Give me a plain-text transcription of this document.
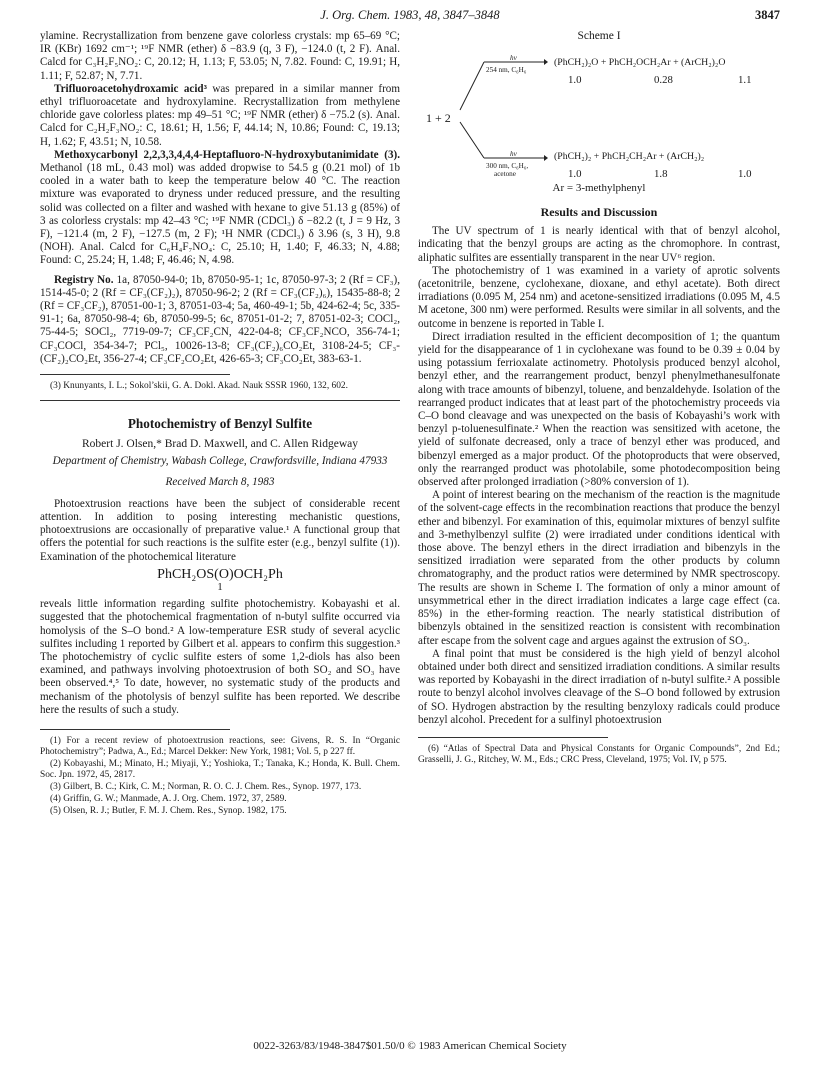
J. Org. Chem. 1983, 48, 3847–3848	3847

ylamine. Recrystallization from benzene gave colorless crystals: mp 65–69 °C; IR (KBr) 1692 cm⁻¹; ¹⁹F NMR (ether) δ −83.9 (q, 3 F), −124.0 (t, 2 F). Anal. Calcd for C₃H₂F₅NO₂: C, 20.12; H, 1.13; F, 53.05; N, 7.82. Found: C, 19.91; H, 1.11; F, 52.87; N, 7.71.

Trifluoroacetohydroxamic acid³ was prepared in a similar manner from ethyl trifluoroacetate and hydroxylamine. Recrystallization from methylene chloride gave colorless plates: mp 49–51 °C; ¹⁹F NMR (ether) δ −75.2 (s). Anal. Calcd for C₂H₂F₃NO₂: C, 18.61; H, 1.56; F, 44.14; N, 10.86; Found: C, 19.13; H, 1.62; F, 43.51; N, 10.58.

Methoxycarbonyl 2,2,3,3,4,4,4-Heptafluoro-N-hydroxybutanimidate (3). Methanol (18 mL, 0.43 mol) was added dropwise to 54.5 g (0.21 mol) of 1b cooled in a water bath to keep the temperature below 40 °C. The reaction mixture was evaporated to dryness under reduced pressure, and the resulting solid was collected on a filter and washed with hexane to give 51.13 g (85%) of 3 as colorless crystals: mp 42–43 °C; ¹⁹F NMR (CDCl₃) δ −82.2 (t, J = 9 Hz, 3 F), −121.4 (m, 2 F), −127.5 (m, 2 F); ¹H NMR (CDCl₃) δ 3.96 (s, 3 H), 9.8 (NOH). Anal. Calcd for C₆H₄F₇NO₄: C, 25.10; H, 1.40; F, 46.33; N, 4.88; Found: C, 25.24; H, 1.48; F, 46.46; N, 4.98.

Registry No. 1a, 87050-94-0; 1b, 87050-95-1; 1c, 87050-97-3; 2 (Rf = CF₃), 1514-45-0; 2 (Rf = CF₃(CF₂)₂), 87050-96-2; 2 (Rf = CF₃(CF₂)₆), 15435-88-8; 2 (Rf = CF₃CF₂), 87051-00-1; 3, 87051-03-4; 5a, 460-49-1; 5b, 424-62-4; 5c, 335-91-1; 6a, 87050-98-4; 6b, 87050-99-5; 6c, 87051-01-2; 7, 87051-02-3; COCl₂, 75-44-5; SOCl₂, 7719-09-7; CF₃CF₂CN, 422-04-8; CF₃CF₂NCO, 356-74-1; CF₃COCl, 354-34-7; PCl₅, 10026-13-8; CF₃(CF₂)₆CO₂Et, 3108-24-5; CF₃-(CF₂)₂CO₂Et, 356-27-4; CF₃CF₂CO₂Et, 426-65-3; CF₃CO₂Et, 383-63-1.

(3) Knunyants, I. L.; Sokol’skii, G. A. Dokl. Akad. Nauk SSSR 1960, 132, 602.

Photochemistry of Benzyl Sulfite
Robert J. Olsen,* Brad D. Maxwell, and C. Allen Ridgeway
Department of Chemistry, Wabash College, Crawfordsville, Indiana 47933
Received March 8, 1983

Photoextrusion reactions have been the subject of considerable recent attention. In addition to posing interesting mechanistic questions, photoextrusions are occasionally of preparative value.¹ A functional group that offers the potential for such reactions is the sulfite ester (e.g., benzyl sulfite (1)). Examination of the photochemical literature

PhCH₂OS(O)OCH₂Ph
1

reveals little information regarding sulfite photochemistry. Kobayashi et al. suggested that the photochemical fragmentation of n-butyl sulfite occurred via homolysis of the S–O bond.² A low-temperature ESR study of several acyclic sulfites including 1 reported by Gilbert et al. appears to confirm this suggestion.³ The photochemistry of cyclic sulfite esters of some 1,2-diols has also been examined, and pathways involving photoextrusion of both SO₂ and SO₃ have been observed.⁴,⁵ To date, however, no systematic study of the products and mechanism of the photolysis of benzyl sulfite has been reported. We describe here the results of such a study.

(1) For a recent review of photoextrusion reactions, see: Givens, R. S. In “Organic Photochemistry”; Padwa, A., Ed.; Marcel Dekker: New York, 1981; Vol. 5, p 227 ff.

(2) Kobayashi, M.; Minato, H.; Miyaji, Y.; Yoshioka, T.; Tanaka, K.; Honda, K. Bull. Chem. Soc. Jpn. 1972, 45, 2817.

(3) Gilbert, B. C.; Kirk, C. M.; Norman, R. O. C. J. Chem. Res., Synop. 1977, 173.

(4) Griffin, G. W.; Manmade, A. J. Org. Chem. 1972, 37, 2589.

(5) Olsen, R. J.; Butler, F. M. J. Chem. Res., Synop. 1982, 175.

Scheme I
1 + 2
hν
254 nm, C₆H₆
(PhCH₂)₂O + PhCH₂OCH₂Ar + (ArCH₂)₂O
1.0	0.28	1.1
hν
300 nm, C₆H₆,
acetone
(PhCH₂)₂ + PhCH₂CH₂Ar + (ArCH₂)₂
1.0	1.8	1.0
Ar = 3-methylphenyl
Results and Discussion

The UV spectrum of 1 is nearly identical with that of benzyl alcohol, indicating that the benzyl groups are acting as the chromophore. In contrast, aliphatic sulfites are essentially transparent in the near UV⁶ region.

The photochemistry of 1 was examined in a variety of aprotic solvents (acetonitrile, benzene, cyclohexane, dioxane, and ethyl acetate). Both direct irradiations (0.095 M, 254 nm) and acetone-sensitized irradiations (0.095 M, 4.5 M acetone, 300 nm) were performed. Results were similar in all solvents, and the outcome in benzene is reported in Table I.

Direct irradiation resulted in the efficient decomposition of 1; the quantum yield for the disappearance of 1 in cyclohexane was found to be 0.39 ± 0.04 by using potassium ferrioxalate actinometry. Photolysis produced benzyl alcohol, benzyl ether, and the rearrangement product, benzyl phenylmethanesulfonate along with trace amounts of bibenzyl, toluene, and benzaldehyde. Isolation of the rearranged product indicates that at least part of the photochemistry proceeds via C–O bond cleavage and was unexpected on the basis of Kobayashi’s work with benzyl p-toluenesulfinate.² When the reaction was sensitized with acetone, the yield of sulfonate decreased, only a trace of benzyl ether was produced, and bibenzyl emerged as a major product. Of the photoproducts that were observed, only the rearranged product was photolabile, some photodecomposition being observed after prolonged irradiation (>80% conversion of 1).

A point of interest bearing on the mechanism of the reaction is the magnitude of the solvent-cage effects in the recombination reactions that produce the benzyl ether and bibenzyl. For examination of this, equimolar mixtures of benzyl sulfite and 3-methylbenzyl sulfite (2) were irradiated under conditions identical with those above. The benzyl ethers in the direct irradiation and bibenzyls in the sensitized irradiation were separated from the other products by column chromatography, and the product ratios were determined by NMR spectroscopy. The results are shown in Scheme I. The formation of only a minor amount of unsymmetrical ether in the direct irradiation indicates a large cage effect (ca. 85%) in the ether-forming reaction. The nearly statistical distribution of bibenzyls obtained in the sensitized reaction is consistent with recombination after escape from the solvent cage and argues against the extrusion of SO₃.

A final point that must be considered is the high yield of benzyl alcohol obtained under both direct and sensitized irradiation conditions. A similar results was reported by Kobayashi in the direct irradiation of n-butyl sulfite.² A possible route to benzyl alcohol involves cleavage of the S–O bond followed by extrusion of SO. Hydrogen abstraction by the resulting benzyloxy radicals could produce benzyl alcohol. Precedent for a sulfinyl photoextrusion

(6) “Atlas of Spectral Data and Physical Constants for Organic Compounds”, 2nd Ed.; Grasselli, J. G., Ritchey, W. M., Eds.; CRC Press, Cleveland, 1975; Vol. IV, p 575.

0022-3263/83/1948-3847$01.50/0 © 1983 American Chemical Society
